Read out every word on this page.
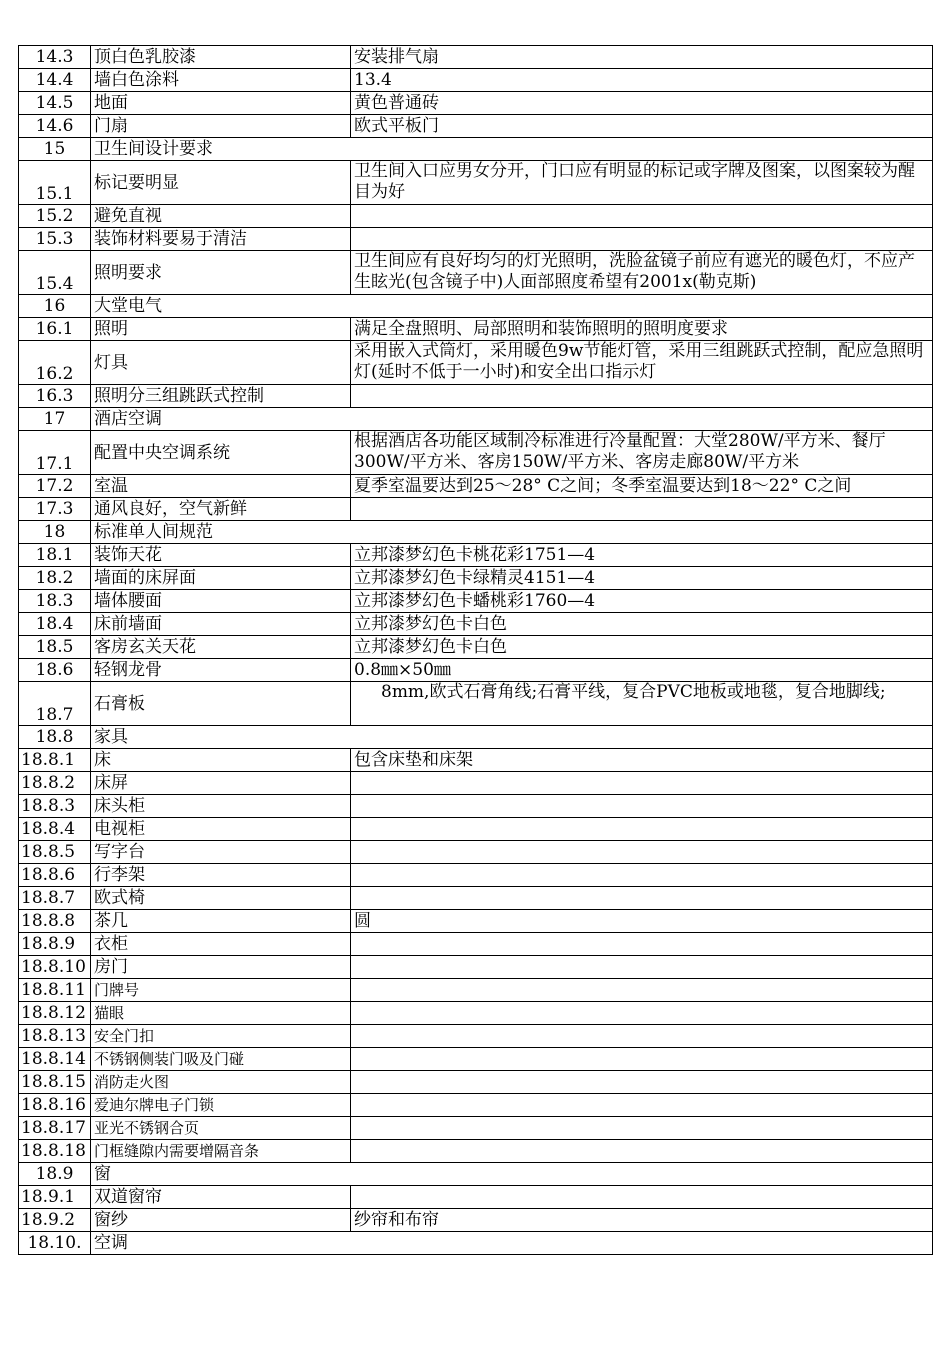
14.3	顶白色乳胶漆	安装排气扇
14.4	墙白色涂料	13.4
14.5	地面	黄色普通砖
14.6	门扇	欧式平板门
15	卫生间设计要求	
15.1	标记要明显	卫生间入口应男女分开，门口应有明显的标记或字牌及图案，以图案较为醒目为好
15.2	避免直视	
15.3	装饰材料要易于清洁	
15.4	照明要求	卫生间应有良好均匀的灯光照明，洗脸盆镜子前应有遮光的暖色灯，不应产生眩光(包含镜子中)人面部照度希望有2001x(勒克斯)
16	大堂电气	
16.1	照明	满足全盘照明、局部照明和装饰照明的照明度要求
16.2	灯具	采用嵌入式筒灯，采用暖色9w节能灯管，采用三组跳跃式控制，配应急照明灯(延时不低于一小时)和安全出口指示灯
16.3	照明分三组跳跃式控制	
17	酒店空调	
17.1	配置中央空调系统	根据酒店各功能区域制冷标准进行冷量配置：大堂280W/平方米、餐厅300W/平方米、客房150W/平方米、客房走廊80W/平方米
17.2	室温	夏季室温要达到25～28° C之间；冬季室温要达到18～22° C之间
17.3	通风良好，空气新鲜	
18	标准单人间规范	
18.1	装饰天花	立邦漆梦幻色卡桃花彩1751—4
18.2	墙面的床屏面	立邦漆梦幻色卡绿精灵4151—4
18.3	墙体腰面	立邦漆梦幻色卡蟠桃彩1760—4
18.4	床前墙面	立邦漆梦幻色卡白色
18.5	客房玄关天花	立邦漆梦幻色卡白色
18.6	轻钢龙骨	0.8㎜×50㎜
18.7	石膏板	8mm,欧式石膏角线;石膏平线，复合PVC地板或地毯，复合地脚线;
18.8	家具	
18.8.1	床	包含床垫和床架
18.8.2	床屏	
18.8.3	床头柜	
18.8.4	电视柜	
18.8.5	写字台	
18.8.6	行李架	
18.8.7	欧式椅	
18.8.8	茶几	圆
18.8.9	衣柜	
18.8.10	房门	
18.8.11	门牌号	
18.8.12	猫眼	
18.8.13	安全门扣	
18.8.14	不锈钢侧装门吸及门碰	
18.8.15	消防走火图	
18.8.16	爱迪尔牌电子门锁	
18.8.17	亚光不锈钢合页	
18.8.18	门框缝隙内需要增隔音条	
18.9	窗	
18.9.1	双道窗帘	
18.9.2	窗纱	纱帘和布帘
18.10.	空调	
